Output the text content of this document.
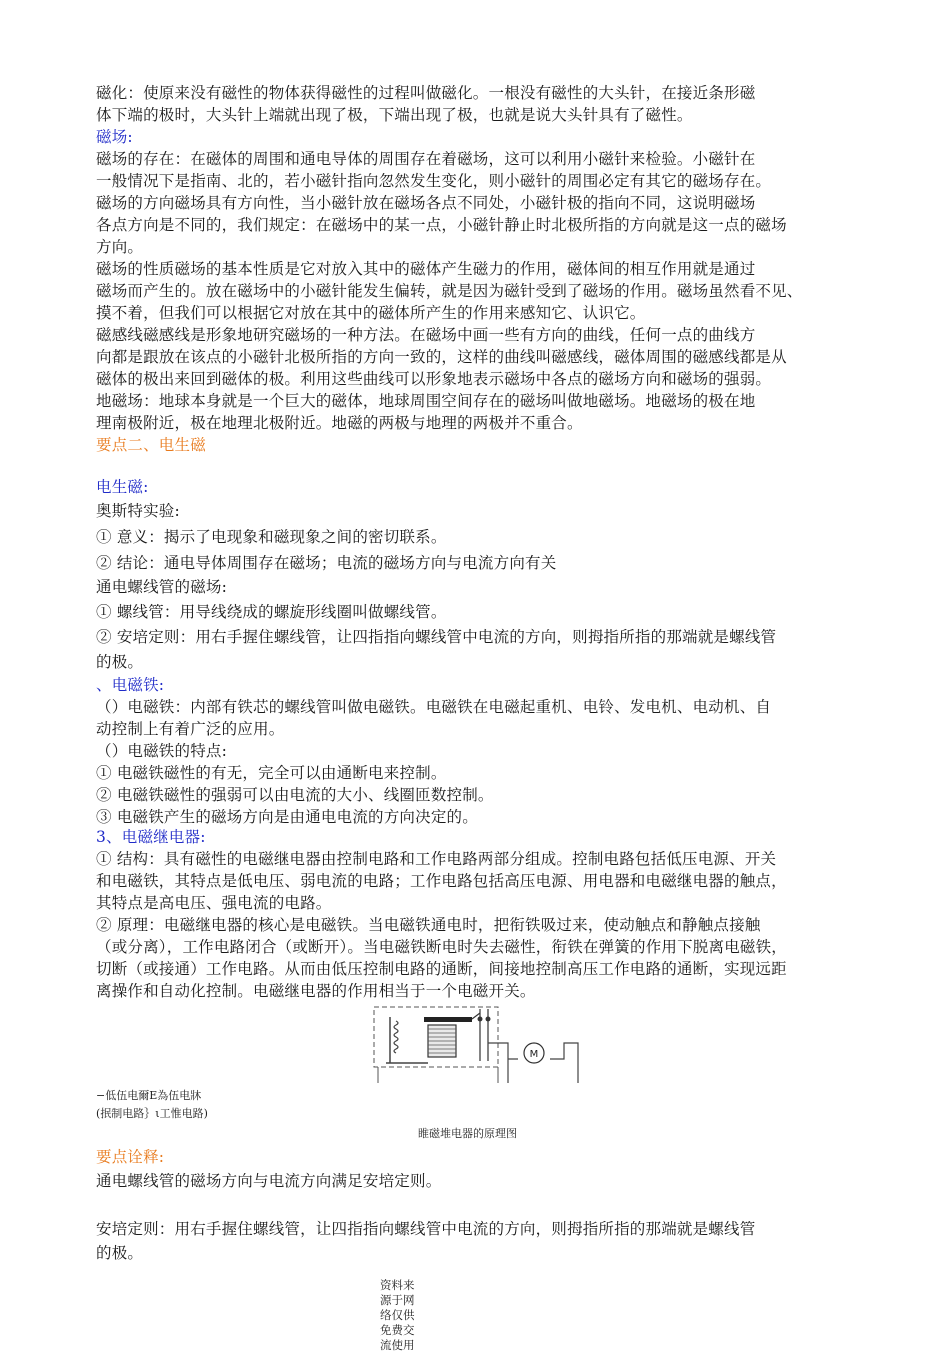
磁化：使原来没有磁性的物体获得磁性的过程叫做磁化。一根没有磁性的大头针，在接近条形磁
体下端的极时，大头针上端就出现了极，下端出现了极，也就是说大头针具有了磁性。
磁场:
磁场的存在：在磁体的周围和通电导体的周围存在着磁场，这可以利用小磁针来检验。小磁针在
一般情况下是指南、北的，若小磁针指向忽然发生变化，则小磁针的周围必定有其它的磁场存在。
磁场的方向磁场具有方向性，当小磁针放在磁场各点不同处，小磁针极的指向不同，这说明磁场
各点方向是不同的，我们规定：在磁场中的某一点，小磁针静止时北极所指的方向就是这一点的磁场
方向。
磁场的性质磁场的基本性质是它对放入其中的磁体产生磁力的作用，磁体间的相互作用就是通过
磁场而产生的。放在磁场中的小磁针能发生偏转，就是因为磁针受到了磁场的作用。磁场虽然看不见、
摸不着，但我们可以根据它对放在其中的磁体所产生的作用来感知它、认识它。
磁感线磁感线是形象地研究磁场的一种方法。在磁场中画一些有方向的曲线，任何一点的曲线方
向都是跟放在该点的小磁针北极所指的方向一致的，这样的曲线叫磁感线，磁体周围的磁感线都是从
磁体的极出来回到磁体的极。利用这些曲线可以形象地表示磁场中各点的磁场方向和磁场的强弱。
地磁场：地球本身就是一个巨大的磁体，地球周围空间存在的磁场叫做地磁场。地磁场的极在地
理南极附近，极在地理北极附近。地磁的两极与地理的两极并不重合。
要点二、电生磁
电生磁:
奥斯特实验:
① 意义：揭示了电现象和磁现象之间的密切联系。
② 结论：通电导体周围存在磁场；电流的磁场方向与电流方向有关
通电螺线管的磁场:
① 螺线管：用导线绕成的螺旋形线圈叫做螺线管。
② 安培定则：用右手握住螺线管，让四指指向螺线管中电流的方向，则拇指所指的那端就是螺线管
的极。
、电磁铁:
（）电磁铁：内部有铁芯的螺线管叫做电磁铁。电磁铁在电磁起重机、电铃、发电机、电动机、自
动控制上有着广泛的应用。
（）电磁铁的特点:
① 电磁铁磁性的有无，完全可以由通断电来控制。
② 电磁铁磁性的强弱可以由电流的大小、线圈匝数控制。
③ 电磁铁产生的磁场方向是由通电电流的方向决定的。
3、电磁继电器:
① 结构：具有磁性的电磁继电器由控制电路和工作电路两部分组成。控制电路包括低压电源、开关
和电磁铁，其特点是低电压、弱电流的电路；工作电路包括高压电源、用电器和电磁继电器的触点，
其特点是高电压、强电流的电路。
② 原理：电磁继电器的核心是电磁铁。当电磁铁通电时，把衔铁吸过来，使动触点和静触点接触
（或分离），工作电路闭合（或断开）。当电磁铁断电时失去磁性，衔铁在弹簧的作用下脱离电磁铁，
切断（或接通）工作电路。从而由低压控制电路的通断，间接地控制高压工作电路的通断，实现远距
离操作和自动化控制。电磁继电器的作用相当于一个电磁开关。
要点诠释:
通电螺线管的磁场方向与电流方向满足安培定则。
安培定则：用右手握住螺线管，让四指指向螺线管中电流的方向，则拇指所指的那端就是螺线管
的极。
M
−低伍电爾E為伍电牀
(抿制电路｝ι工惟电路)
睢磁堆电器的原理图
资料来源于网络仅供免费交流使用
